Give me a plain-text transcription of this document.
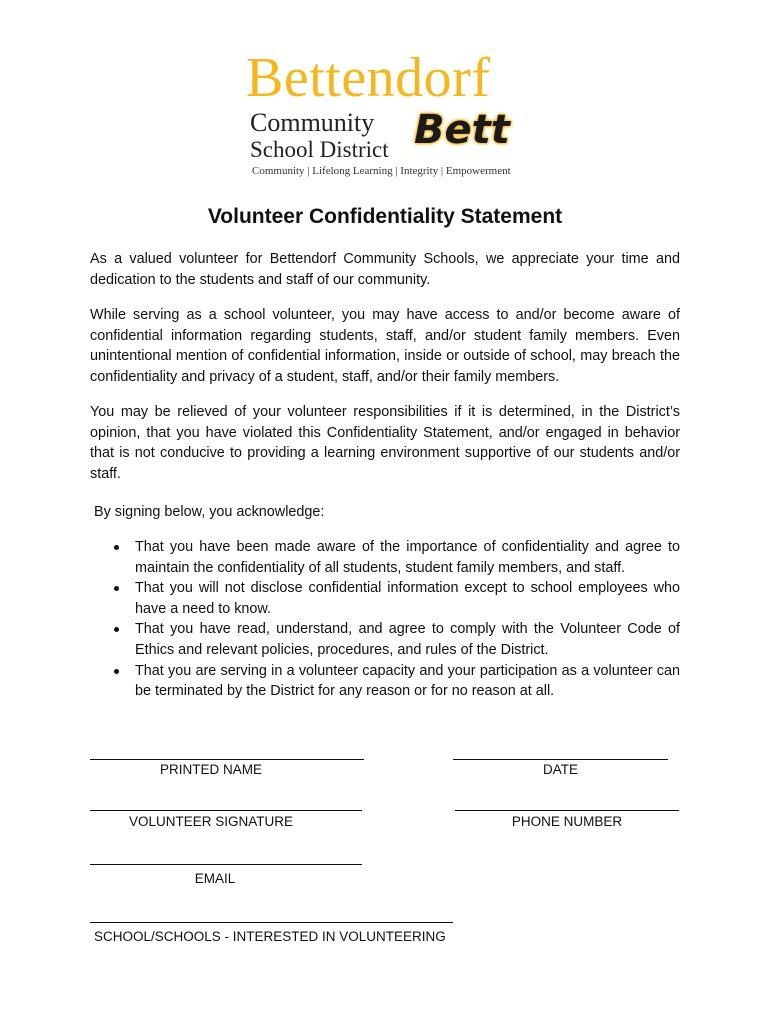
Bettendorf
Community
School District Bett
Community | Lifelong Learning | Integrity | Empowerment
Volunteer Confidentiality Statement
As a valued volunteer for Bettendorf Community Schools, we appreciate your time and dedication to the students and staff of our community.
While serving as a school volunteer, you may have access to and/or become aware of confidential information regarding students, staff, and/or student family members. Even unintentional mention of confidential information, inside or outside of school, may breach the confidentiality and privacy of a student, staff, and/or their family members.
You may be relieved of your volunteer responsibilities if it is determined, in the District’s opinion, that you have violated this Confidentiality Statement, and/or engaged in behavior that is not conducive to providing a learning environment supportive of our students and/or staff.
By signing below, you acknowledge:
That you have been made aware of the importance of confidentiality and agree to maintain the confidentiality of all students, student family members, and staff.
That you will not disclose confidential information except to school employees who have a need to know.
That you have read, understand, and agree to comply with the Volunteer Code of Ethics and relevant policies, procedures, and rules of the District.
That you are serving in a volunteer capacity and your participation as a volunteer can be terminated by the District for any reason or for no reason at all.
PRINTED NAME	DATE
VOLUNTEER SIGNATURE	PHONE NUMBER
EMAIL
SCHOOL/SCHOOLS - INTERESTED IN VOLUNTEERING
